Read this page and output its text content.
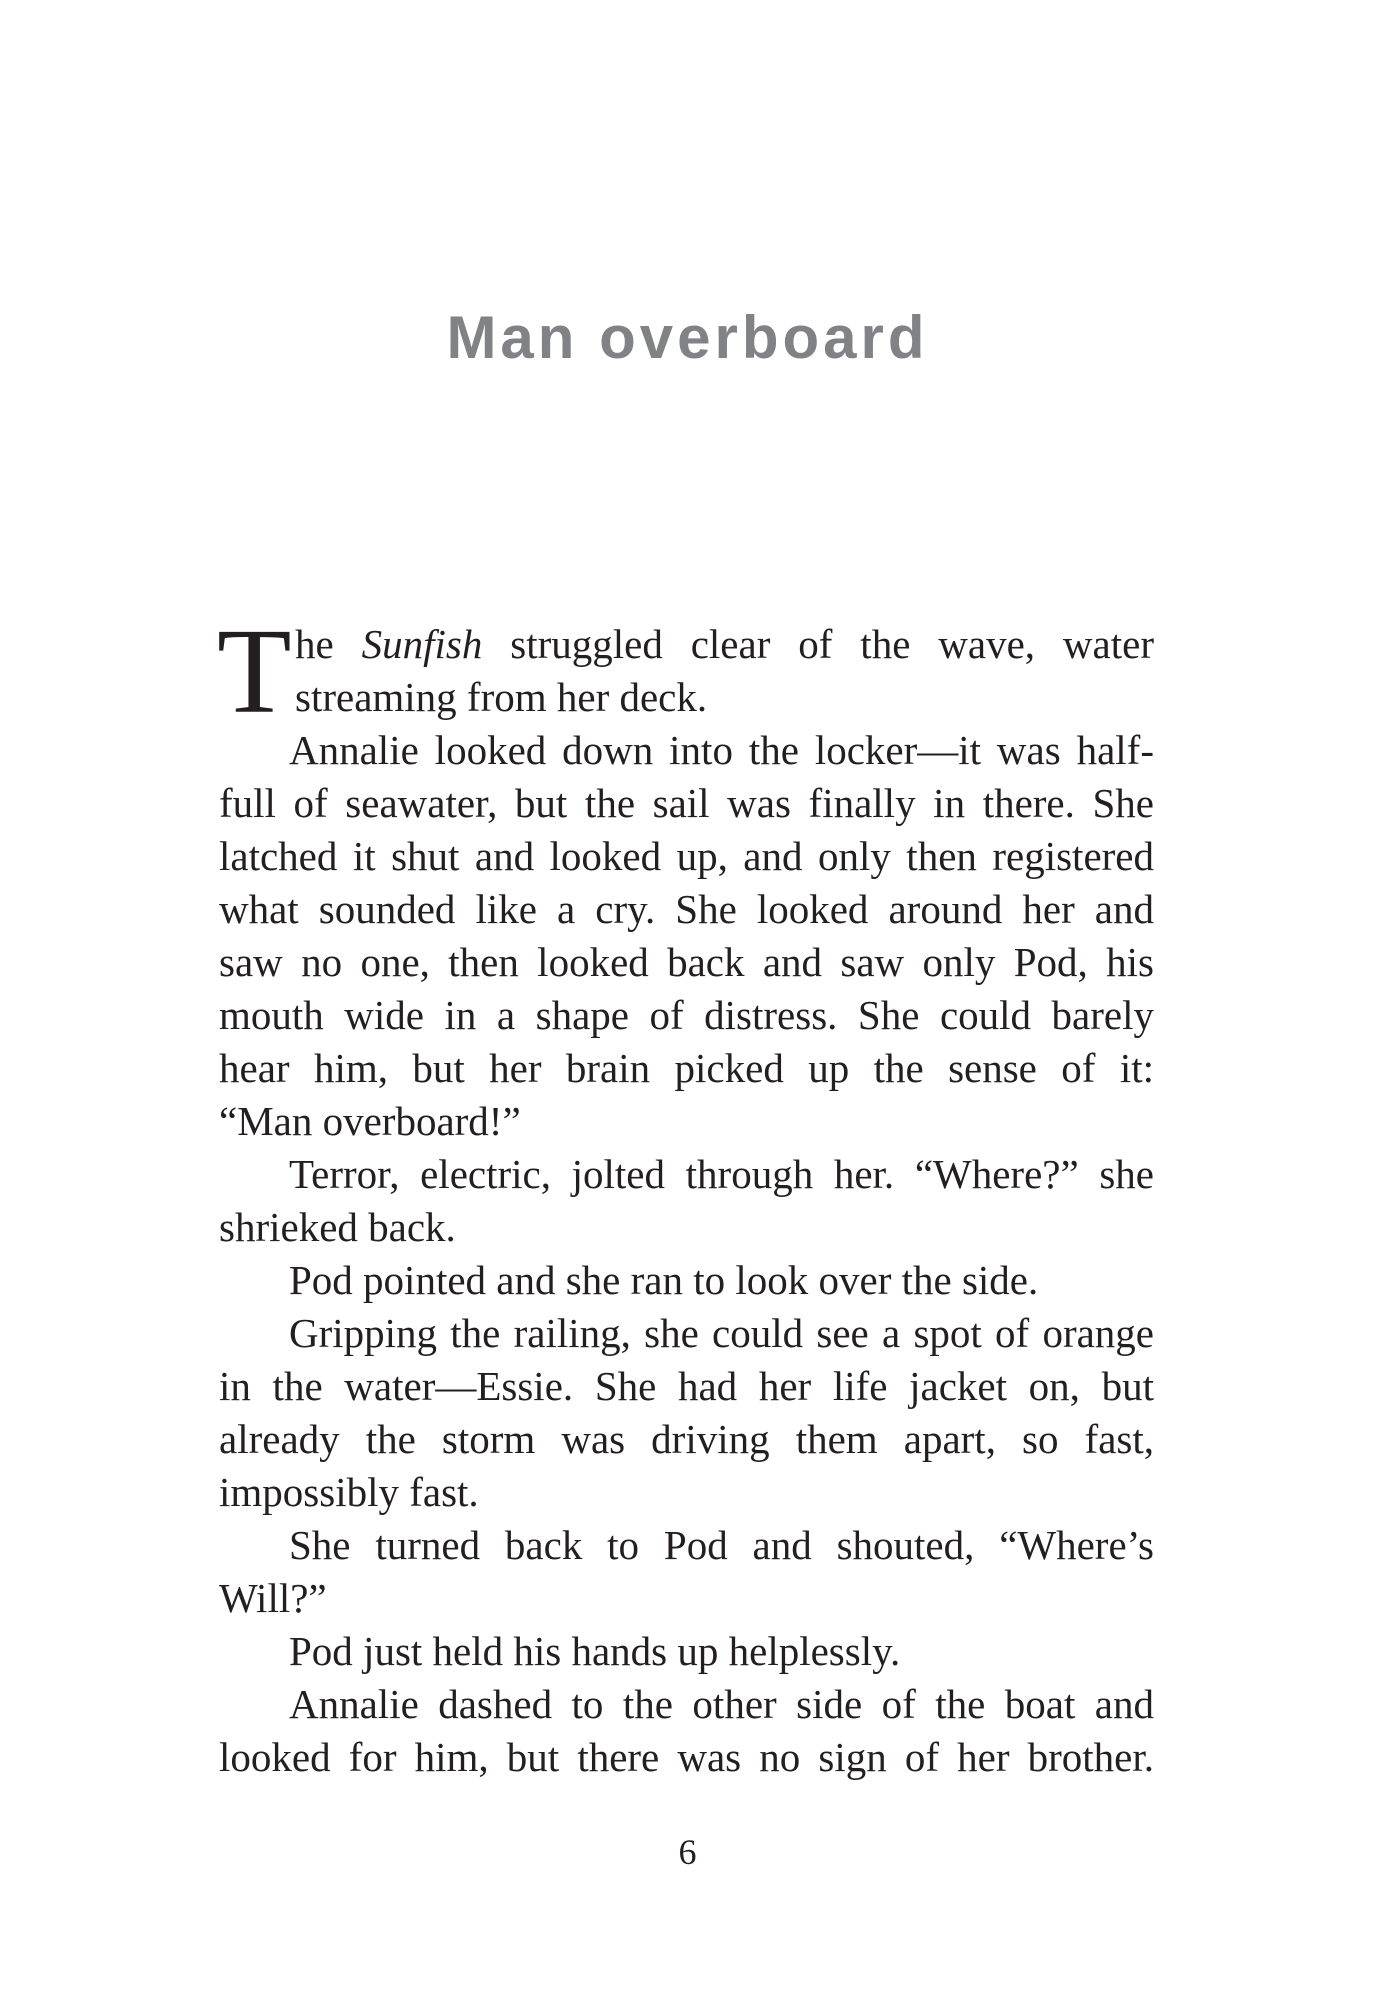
Man overboard
T he Sunfish struggled clear of the wave, water
streaming from her deck.
Annalie looked down into the locker—it was half-
full of seawater, but the sail was finally in there. She
latched it shut and looked up, and only then registered
what sounded like a cry. She looked around her and
saw no one, then looked back and saw only Pod, his
mouth wide in a shape of distress. She could barely
hear him, but her brain picked up the sense of it:
“Man overboard!”
Terror, electric, jolted through her. “Where?” she
shrieked back.
Pod pointed and she ran to look over the side.
Gripping the railing, she could see a spot of orange
in the water—Essie. She had her life jacket on, but
already the storm was driving them apart, so fast,
impossibly fast.
She turned back to Pod and shouted, “Where’s
Will?”
Pod just held his hands up helplessly.
Annalie dashed to the other side of the boat and
looked for him, but there was no sign of her brother.
6
